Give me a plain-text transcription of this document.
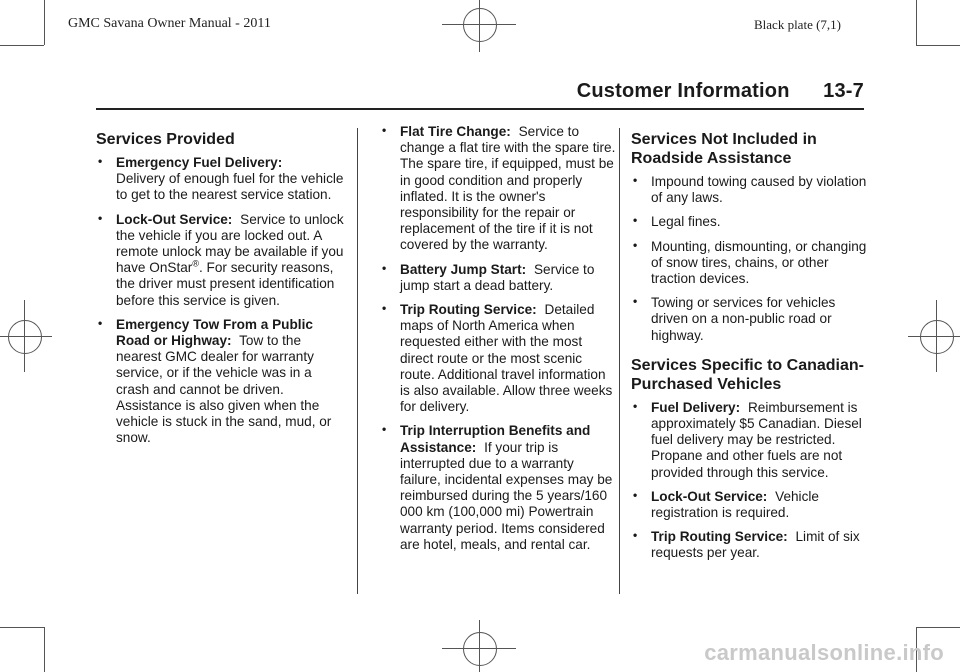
GMC Savana Owner Manual - 2011	Black plate (7,1)
Customer Information 13-7
Services Provided
• Emergency Fuel Delivery:
Delivery of enough fuel for the vehicle to get to the nearest service station.
• Lock-Out Service: Service to unlock the vehicle if you are locked out. A remote unlock may be available if you have OnStar®. For security reasons, the driver must present identification before this service is given.
• Emergency Tow From a Public Road or Highway: Tow to the nearest GMC dealer for warranty service, or if the vehicle was in a crash and cannot be driven. Assistance is also given when the vehicle is stuck in the sand, mud, or snow.
• Flat Tire Change: Service to change a flat tire with the spare tire. The spare tire, if equipped, must be in good condition and properly inflated. It is the owner's responsibility for the repair or replacement of the tire if it is not covered by the warranty.
• Battery Jump Start: Service to jump start a dead battery.
• Trip Routing Service: Detailed maps of North America when requested either with the most direct route or the most scenic route. Additional travel information is also available. Allow three weeks for delivery.
• Trip Interruption Benefits and Assistance: If your trip is interrupted due to a warranty failure, incidental expenses may be reimbursed during the 5 years/160 000 km (100,000 mi) Powertrain warranty period. Items considered are hotel, meals, and rental car.
Services Not Included in Roadside Assistance
• Impound towing caused by violation of any laws.
• Legal fines.
• Mounting, dismounting, or changing of snow tires, chains, or other traction devices.
• Towing or services for vehicles driven on a non-public road or highway.
Services Specific to Canadian-Purchased Vehicles
• Fuel Delivery: Reimbursement is approximately $5 Canadian. Diesel fuel delivery may be restricted. Propane and other fuels are not provided through this service.
• Lock-Out Service: Vehicle registration is required.
• Trip Routing Service: Limit of six requests per year.
carmanualsonline.info
